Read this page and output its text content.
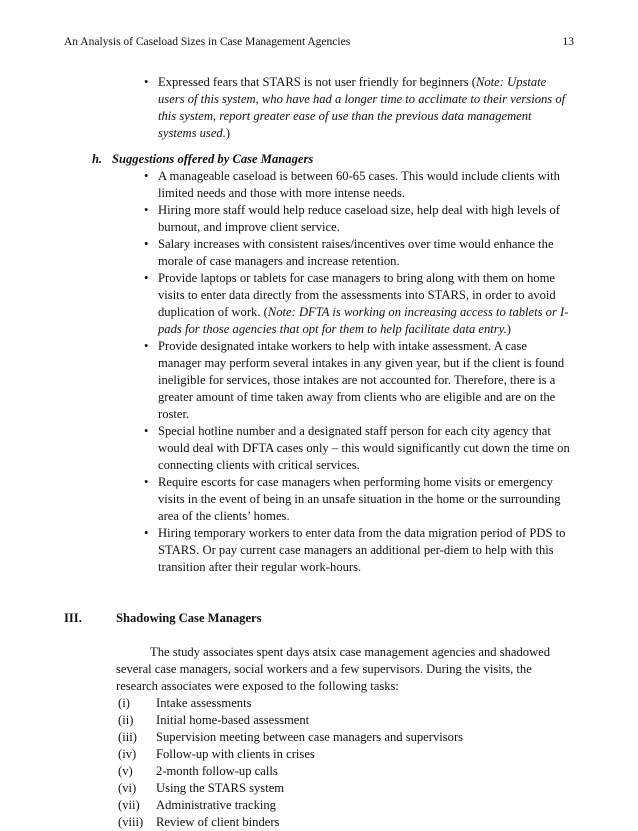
An Analysis of Caseload Sizes in Case Management Agencies	13
• Expressed fears that STARS is not user friendly for beginners (Note: Upstate users of this system, who have had a longer time to acclimate to their versions of this system, report greater ease of use than the previous data management systems used.)
h. Suggestions offered by Case Managers
• A manageable caseload is between 60-65 cases. This would include clients with limited needs and those with more intense needs.
• Hiring more staff would help reduce caseload size, help deal with high levels of burnout, and improve client service.
• Salary increases with consistent raises/incentives over time would enhance the morale of case managers and increase retention.
• Provide laptops or tablets for case managers to bring along with them on home visits to enter data directly from the assessments into STARS, in order to avoid duplication of work. (Note: DFTA is working on increasing access to tablets or I-pads for those agencies that opt for them to help facilitate data entry.)
• Provide designated intake workers to help with intake assessment. A case manager may perform several intakes in any given year, but if the client is found ineligible for services, those intakes are not accounted for. Therefore, there is a greater amount of time taken away from clients who are eligible and are on the roster.
• Special hotline number and a designated staff person for each city agency that would deal with DFTA cases only – this would significantly cut down the time on connecting clients with critical services.
• Require escorts for case managers when performing home visits or emergency visits in the event of being in an unsafe situation in the home or the surrounding area of the clients’ homes.
• Hiring temporary workers to enter data from the data migration period of PDS to STARS. Or pay current case managers an additional per-diem to help with this transition after their regular work-hours.
III.	Shadowing Case Managers
The study associates spent days atsix case management agencies and shadowed several case managers, social workers and a few supervisors. During the visits, the research associates were exposed to the following tasks:
(i) Intake assessments
(ii) Initial home-based assessment
(iii) Supervision meeting between case managers and supervisors
(iv) Follow-up with clients in crises
(v) 2-month follow-up calls
(vi) Using the STARS system
(vii) Administrative tracking
(viii) Review of client binders
